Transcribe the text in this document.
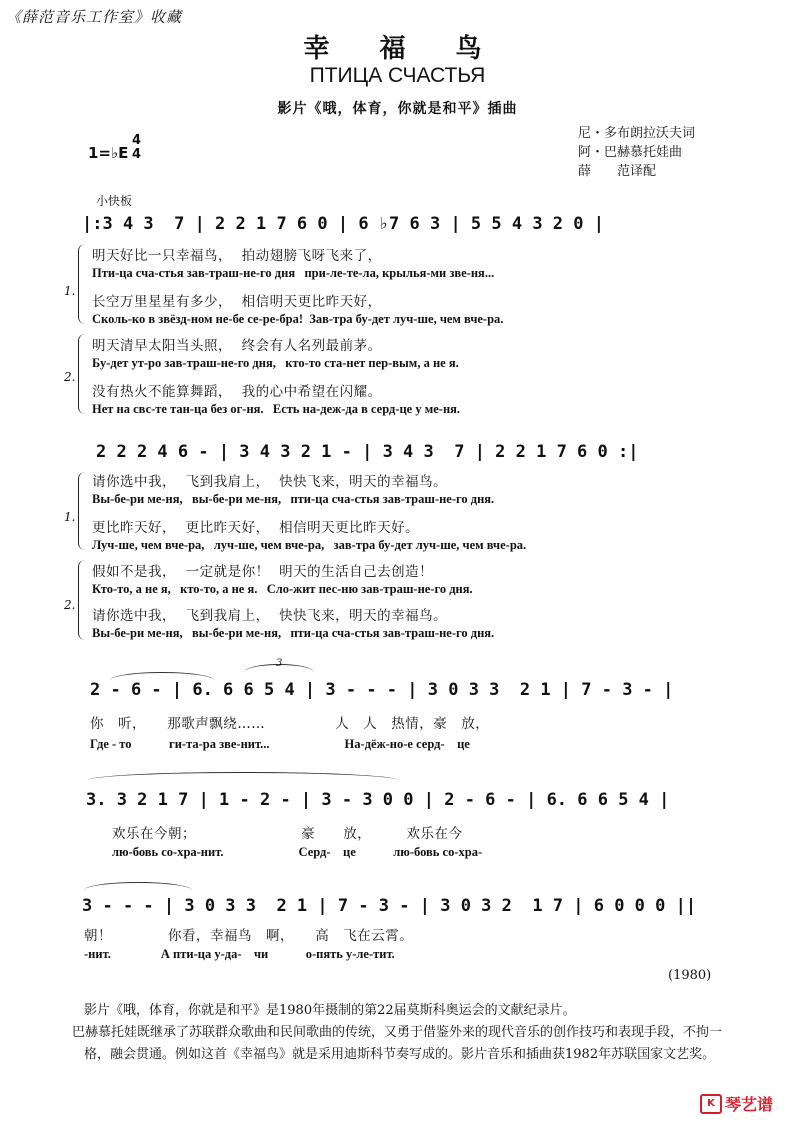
《薛范音乐工作室》收藏
幸福鸟
ПТИЦА СЧАСТЬЯ
影片《哦，体育，你就是和平》插曲
尼・多布朗拉沃夫词
阿・巴赫慕托娃曲
薛　　范译配
1=♭E
4
4
小快板
|:3 4 3  7 | 2 2 1 7 6 0 | 6 ♭7 6 3 | 5 5 4 3 2 0 |
1.
明天好比一只幸福鸟，  拍动翅膀飞呀飞来了，
Пти-ца сча-стья зав-траш-не-го дня   при-ле-те-ла, крылья-ми зве-ня...
长空万里星星有多少，  相信明天更比昨天好，
Сколь-ко в звёзд-ном не-бе се-ре-бра!  Зав-тра бу-дет луч-ше, чем вче-ра.
2.
明天清早太阳当头照，  终会有人名列最前茅。
Бу-дет ут-ро зав-траш-не-го дня,   кто-то ста-нет пер-вым, а не я.
没有热火不能算舞蹈，  我的心中希望在闪耀。
Нет на свс-те тан-ца без ог-ня.   Есть на-деж-да в серд-це у ме-ня.
2 2 2 4 6 - | 3 4 3 2 1 - | 3 4 3  7 | 2 2 1 7 6 0 :|
1.
请你选中我，  飞到我肩上，  快快飞来，明天的幸福鸟。
Вы-бе-ри ме-ня,   вы-бе-ри ме-ня,   пти-ца сча-стья зав-траш-не-го дня.
更比昨天好，  更比昨天好，  相信明天更比昨天好。
Луч-ше, чем вче-ра,   луч-ше, чем вче-ра,   зав-тра бу-дет луч-ше, чем вче-ра.
2.
假如不是我，  一定就是你！  明天的生活自己去创造！
Кто-то, а не я,   кто-то, а не я.   Сло-жит пес-ню зав-траш-не-го дня.
请你选中我，  飞到我肩上，  快快飞来，明天的幸福鸟。
Вы-бе-ри ме-ня,   вы-бе-ри ме-ня,   пти-ца сча-стья зав-траш-не-го дня.
3
2 - 6 - | 6. 6 6 5 4 | 3 - - - | 3 0 3 3  2 1 | 7 - 3 - |
你　听，　　那歌声飘绕……　　　　　人　人　热情，豪　放，
Где - то　　　ги-та-ра зве-нит...　　　　　　На-дёж-но-е серд-　це
3. 3 2 1 7 | 1 - 2 - | 3 - 3 0 0 | 2 - 6 - | 6. 6 6 5 4 |
欢乐在今朝；　　　　　　　　豪　　放，　　　欢乐在今
лю-бовь со-хра-нит.　　　　　　Серд-　це　　　лю-бовь со-хра-
3 - - - | 3 0 3 3  2 1 | 7 - 3 - | 3 0 3 2  1 7 | 6 0 0 0 ||
朝！　　　　你看，幸福鸟　啊，　　高　飞在云霄。
-нит.　　　　А пти-ца у-да-　чи　　　о-пять у-ле-тит.
(1980)

影片《哦，体育，你就是和平》是1980年摄制的第22届莫斯科奥运会的文献纪录片。

巴赫慕托娃既继承了苏联群众歌曲和民间歌曲的传统，又勇于借鉴外来的现代音乐的创作技巧和表现手段，不拘一格，融会贯通。例如这首《幸福鸟》就是采用迪斯科节奏写成的。影片音乐和插曲获1982年苏联国家文艺奖。

K 琴艺谱
